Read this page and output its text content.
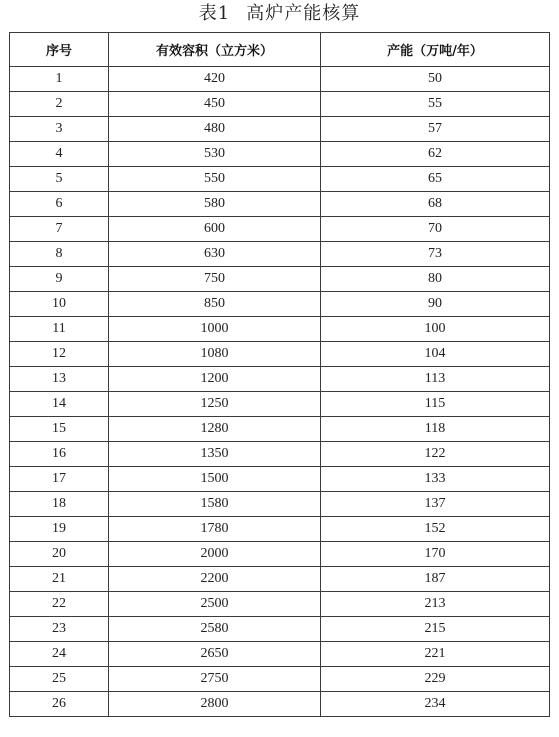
表1 高炉产能核算
序号	有效容积（立方米）	产能（万吨/年）
1	420	50
2	450	55
3	480	57
4	530	62
5	550	65
6	580	68
7	600	70
8	630	73
9	750	80
10	850	90
11	1000	100
12	1080	104
13	1200	113
14	1250	115
15	1280	118
16	1350	122
17	1500	133
18	1580	137
19	1780	152
20	2000	170
21	2200	187
22	2500	213
23	2580	215
24	2650	221
25	2750	229
26	2800	234
